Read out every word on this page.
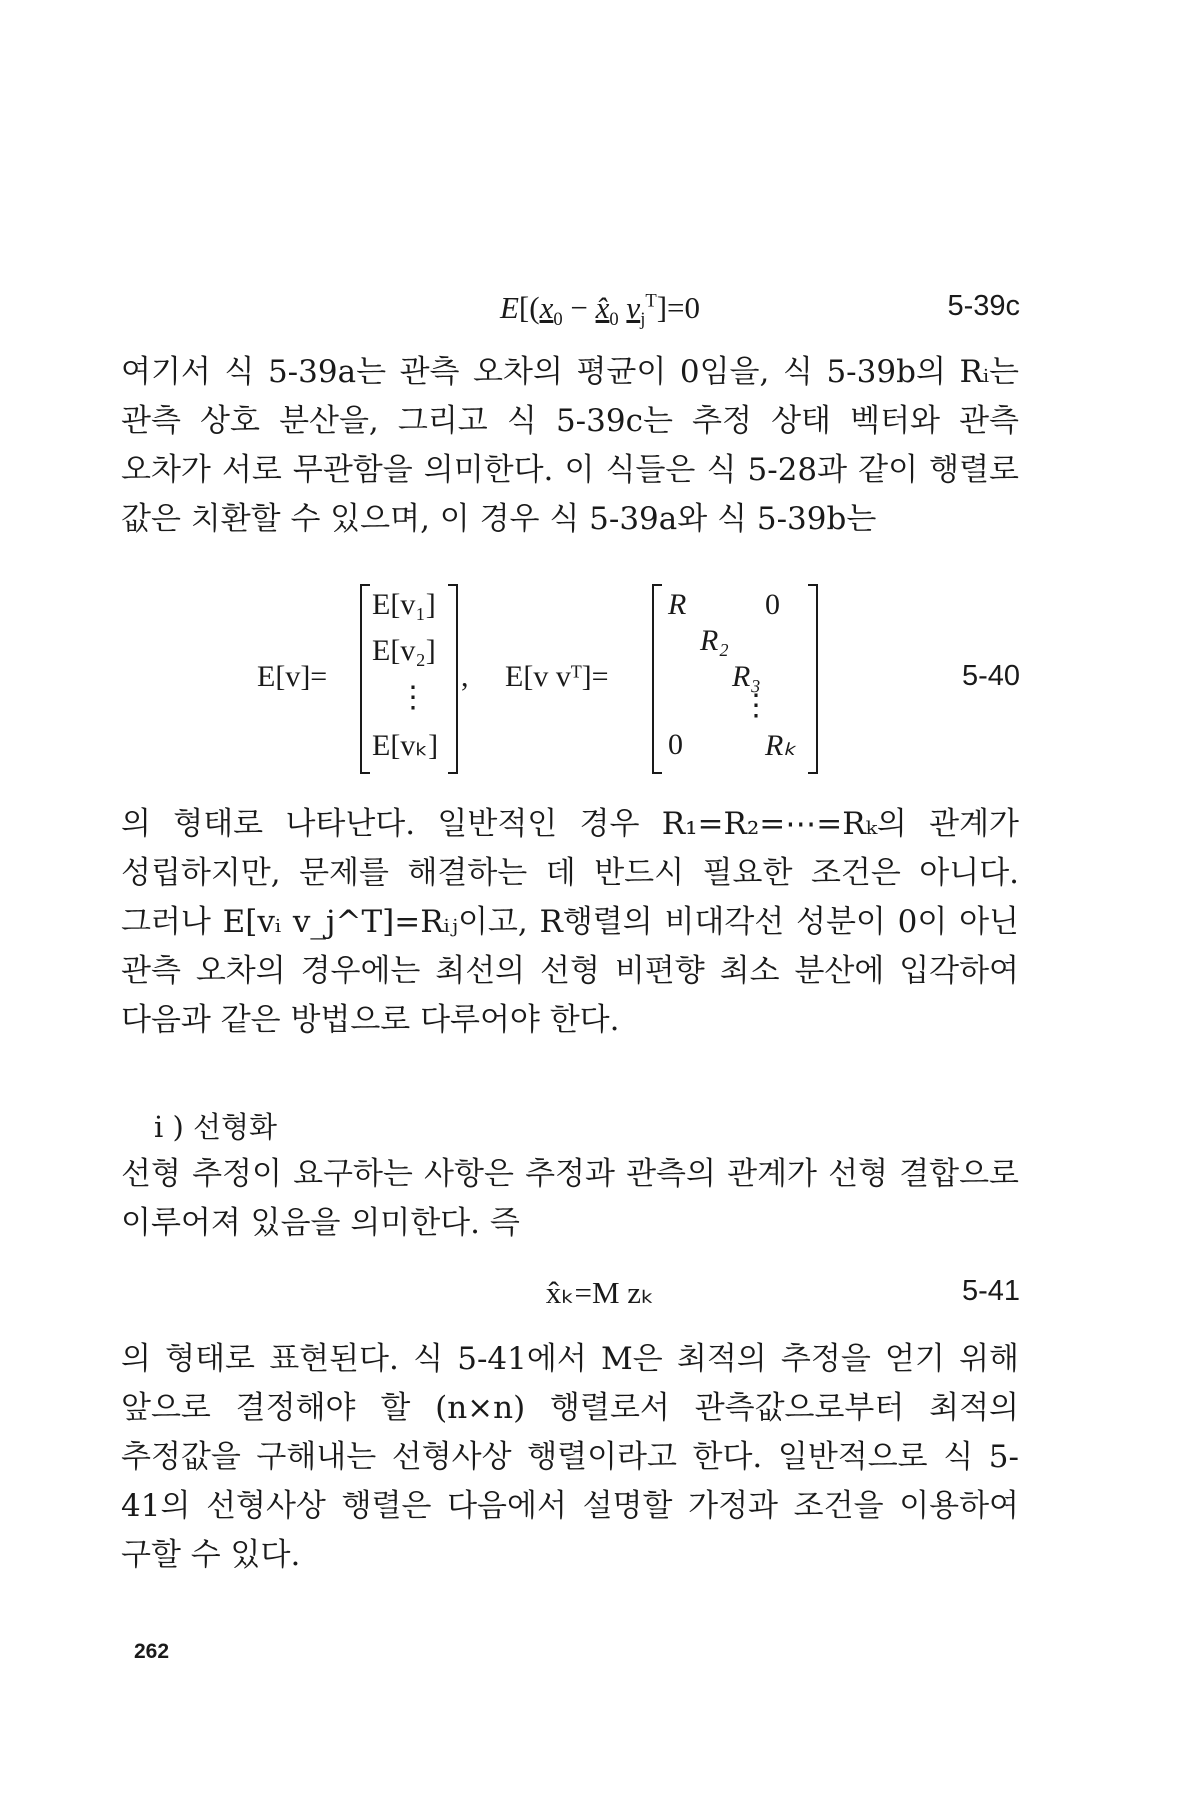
$E[(x_0$ − $x̂_0$ $v_j^T]=0$	5-39c

여기서 식 5-39a는 관측 오차의 평균이 0임을, 식 5-39b의 Rᵢ는 관측 상호 분산을, 그리고 식 5-39c는 추정 상태 벡터와 관측 오차가 서로 무관함을 의미한다. 이 식들은 식 5-28과 같이 행렬로 값은 치환할 수 있으며, 이 경우 식 5-39a와 식 5-39b는

E[v]=
E[v₁]
E[v₂]
⋮
E[vₖ]
, E[v vᵀ]=
R	0
R₂
R₃
⋮
0	Rₖ
5-40

의 형태로 나타난다. 일반적인 경우 R₁=R₂=⋯=Rₖ의 관계가 성립하지만, 문제를 해결하는 데 반드시 필요한 조건은 아니다. 그러나 E[vᵢ v_j^T]=Rᵢⱼ이고, R행렬의 비대각선 성분이 0이 아닌 관측 오차의 경우에는 최선의 선형 비편향 최소 분산에 입각하여 다음과 같은 방법으로 다루어야 한다.

i ) 선형화

선형 추정이 요구하는 사항은 추정과 관측의 관계가 선형 결합으로 이루어져 있음을 의미한다. 즉

x̂ₖ=M zₖ	5-41

의 형태로 표현된다. 식 5-41에서 M은 최적의 추정을 얻기 위해 앞으로 결정해야 할 (n×n) 행렬로서 관측값으로부터 최적의 추정값을 구해내는 선형사상 행렬이라고 한다. 일반적으로 식 5-41의 선형사상 행렬은 다음에서 설명할 가정과 조건을 이용하여 구할 수 있다.

262
